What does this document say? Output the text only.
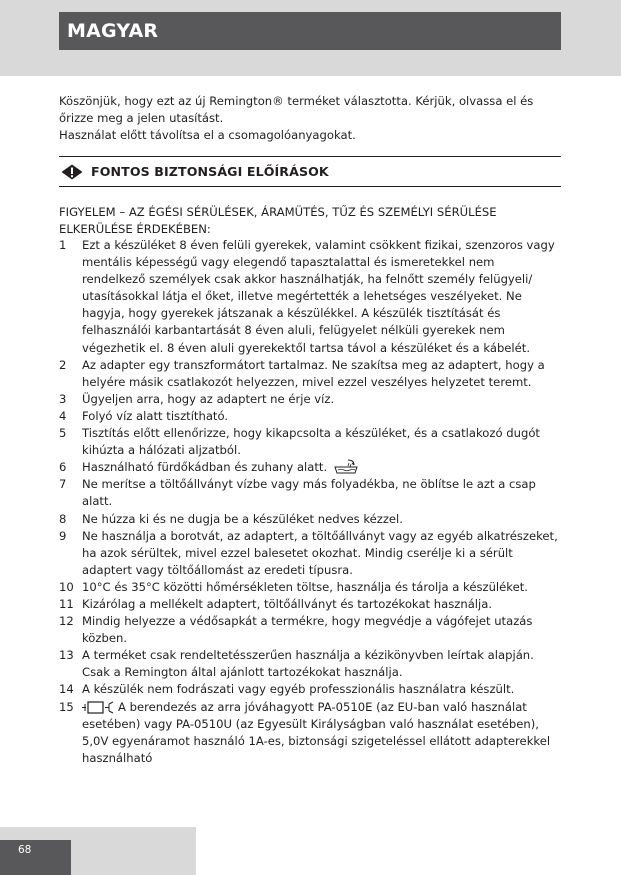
MAGYAR

Köszönjük, hogy ezt az új Remington® terméket választotta. Kérjük, olvassa el és őrizze meg a jelen utasítást.

Használat előtt távolítsa el a csomagolóanyagokat.

FONTOS BIZTONSÁGI ELŐÍRÁSOK
FIGYELEM – AZ ÉGÉSI SÉRÜLÉSEK, ÁRAMÜTÉS, TŰZ ÉS SZEMÉLYI SÉRÜLÉSE ELKERÜLÉSE ÉRDEKÉBEN:
1	Ezt a készüléket 8 éven felüli gyerekek, valamint csökkent fizikai, szenzoros vagy mentális képességű vagy elegendő tapasztalattal és ismeretekkel nem rendelkező személyek csak akkor használhatják, ha felnőtt személy felügyeli/ utasításokkal látja el őket, illetve megértették a lehetséges veszélyeket. Ne hagyja, hogy gyerekek játszanak a készülékkel. A készülék tisztítását és felhasználói karbantartását 8 éven aluli, felügyelet nélküli gyerekek nem végezhetik el. 8 éven aluli gyerekektől tartsa távol a készüléket és a kábelét.
2	Az adapter egy transzformátort tartalmaz. Ne szakítsa meg az adaptert, hogy a helyére másik csatlakozót helyezzen, mivel ezzel veszélyes helyzetet teremt.
3	Ügyeljen arra, hogy az adaptert ne érje víz.
4	Folyó víz alatt tisztítható.
5	Tisztítás előtt ellenőrizze, hogy kikapcsolta a készüléket, és a csatlakozó dugót kihúzta a hálózati aljzatból.
6	Használható fürdőkádban és zuhany alatt.
7	Ne merítse a töltőállványt vízbe vagy más folyadékba, ne öblítse le azt a csap alatt.
8	Ne húzza ki és ne dugja be a készüléket nedves kézzel.
9	Ne használja a borotvát, az adaptert, a töltőállványt vagy az egyéb alkatrészeket, ha azok sérültek, mivel ezzel balesetet okozhat. Mindig cserélje ki a sérült adaptert vagy töltőállomást az eredeti típusra.
10 10°C és 35°C közötti hőmérsékleten töltse, használja és tárolja a készüléket.
11 Kizárólag a mellékelt adaptert, töltőállványt és tartozékokat használja.
12 Mindig helyezze a védősapkát a termékre, hogy megvédje a vágófejet utazás közben.
13 A terméket csak rendeltetésszerűen használja a kézikönyvben leírtak alapján. Csak a Remington által ajánlott tartozékokat használja.
14 A készülék nem fodrászati vagy egyéb professzionális használatra készült.
15	A berendezés az arra jóváhagyott PA-0510E (az EU-ban való használat esetében) vagy PA-0510U (az Egyesült Királyságban való használat esetében), 5,0V egyenáramot használó 1A-es, biztonsági szigeteléssel ellátott adapterekkel használható
68
